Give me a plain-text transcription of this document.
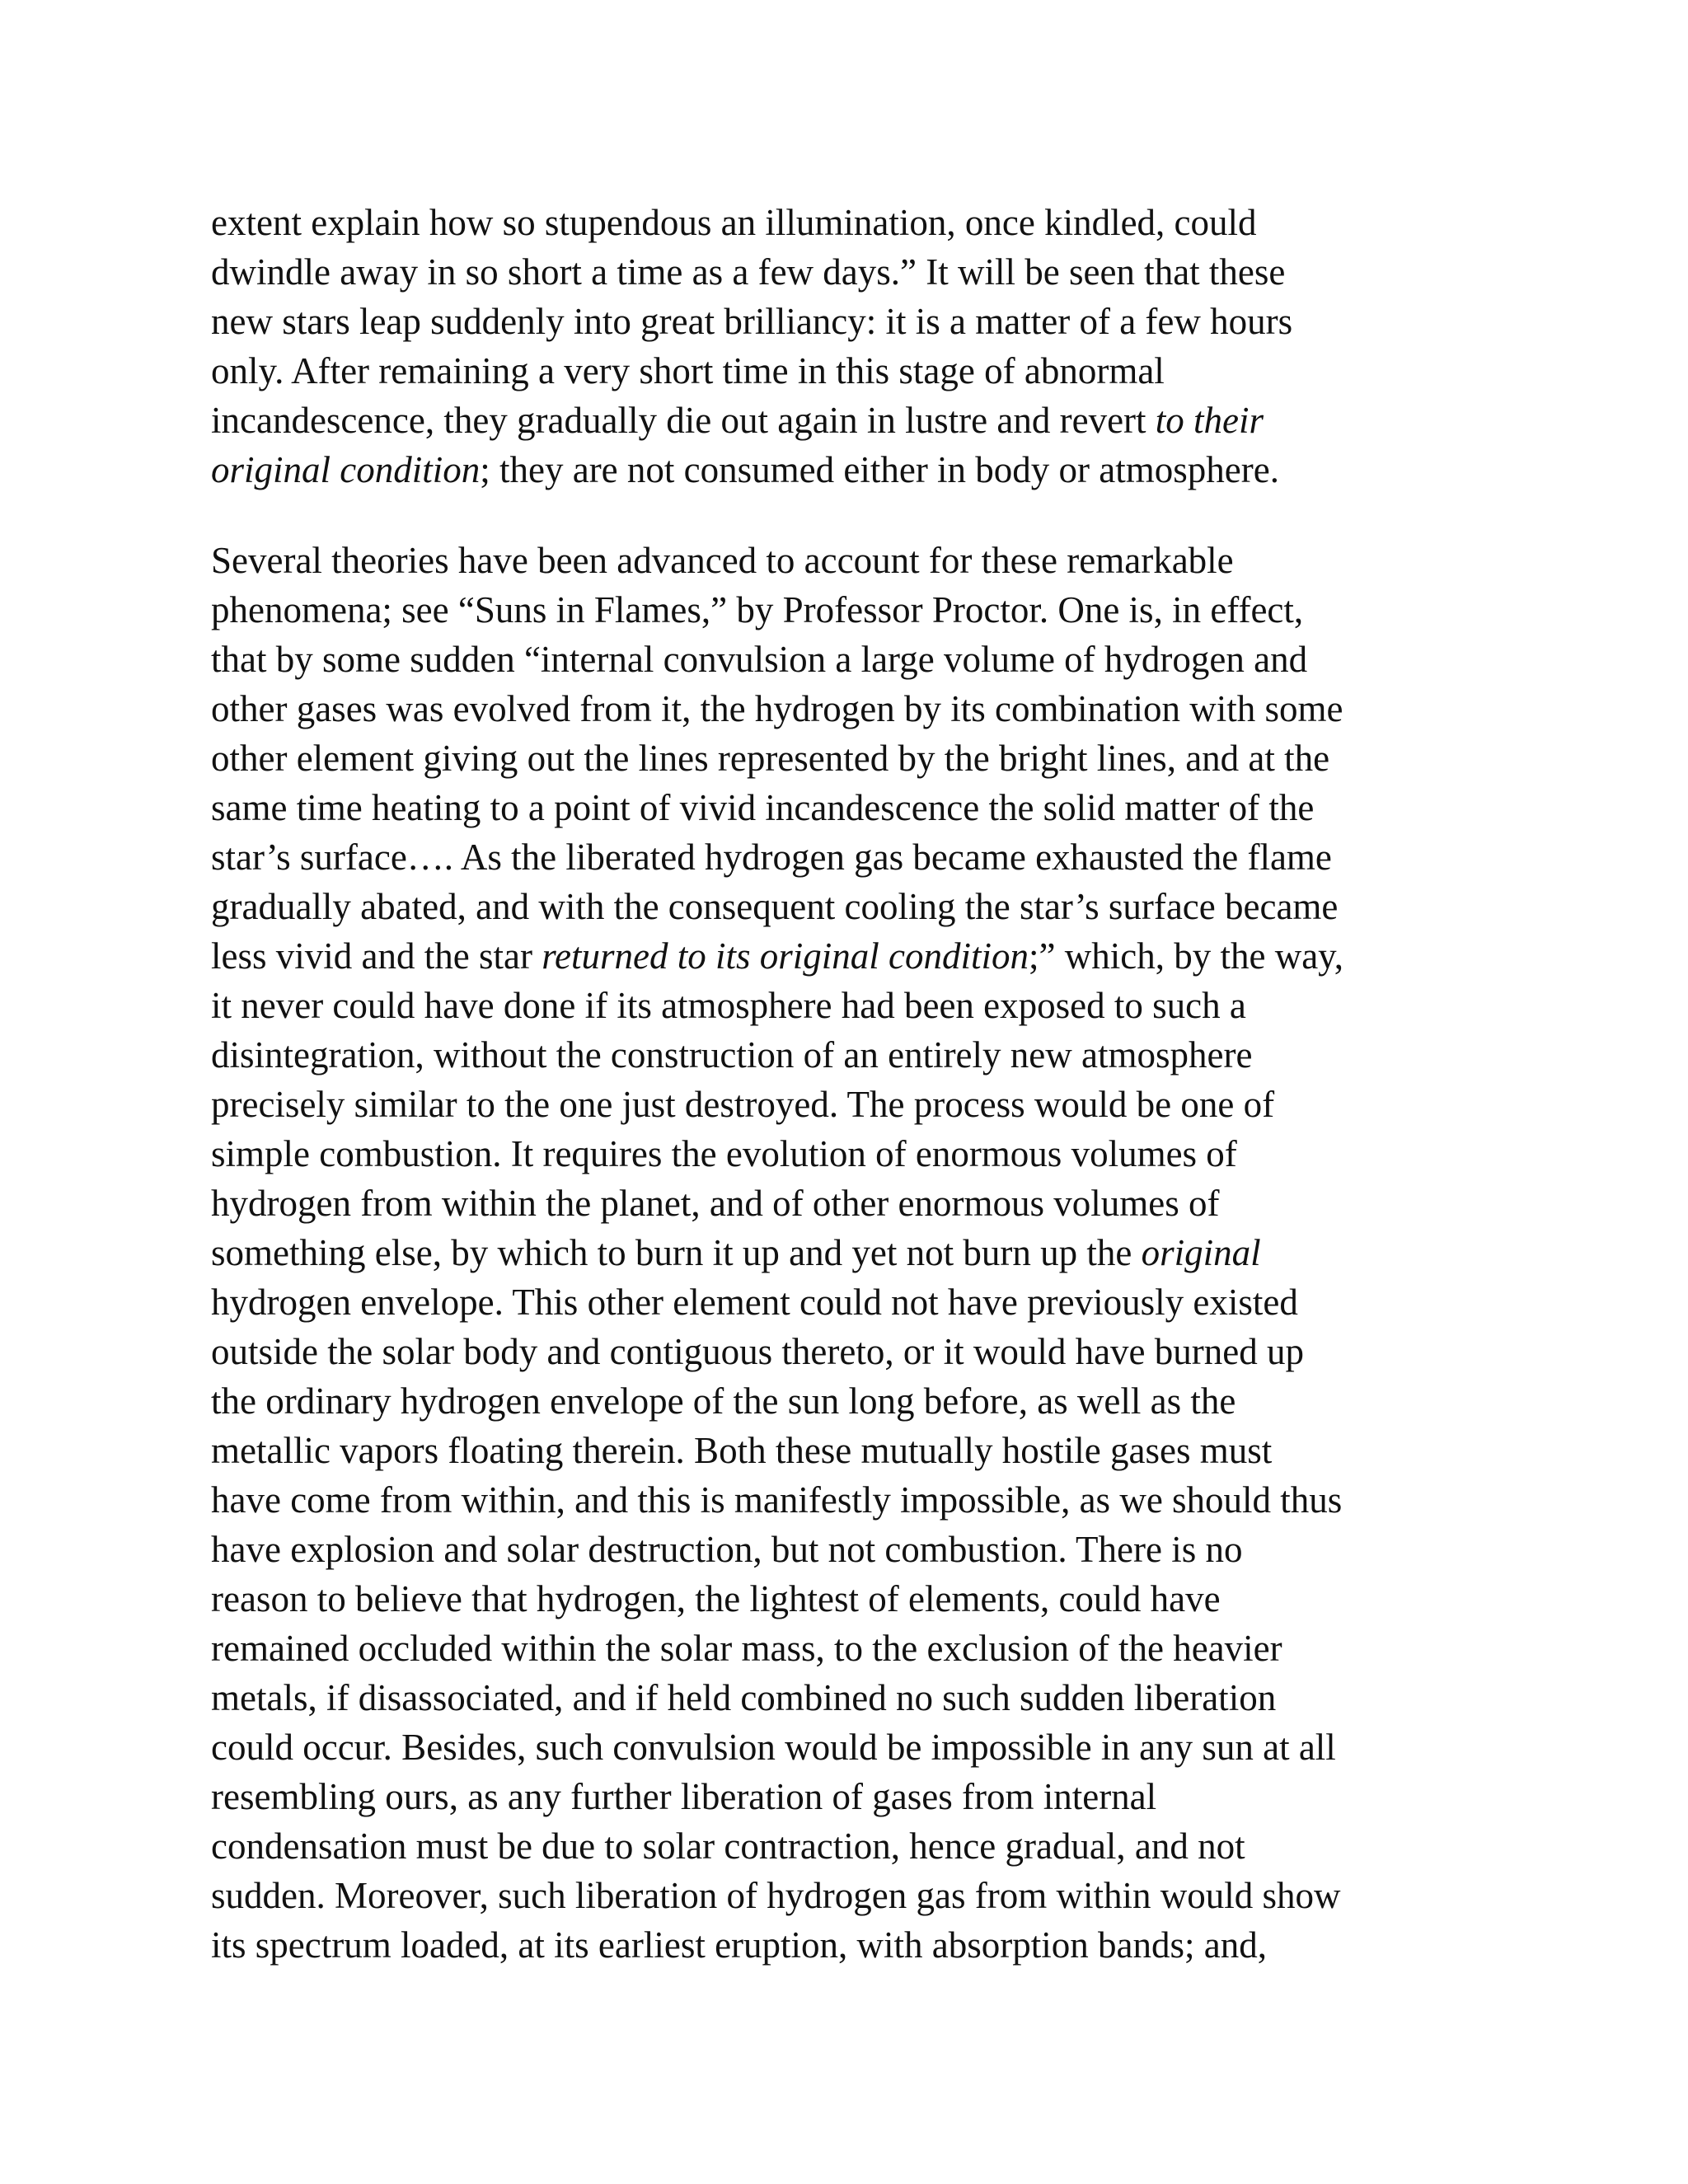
extent explain how so stupendous an illumination, once kindled, could
dwindle away in so short a time as a few days.” It will be seen that these
new stars leap suddenly into great brilliancy: it is a matter of a few hours
only. After remaining a very short time in this stage of abnormal
incandescence, they gradually die out again in lustre and revert to their
original condition; they are not consumed either in body or atmosphere.
Several theories have been advanced to account for these remarkable
phenomena; see “Suns in Flames,” by Professor Proctor. One is, in effect,
that by some sudden “internal convulsion a large volume of hydrogen and
other gases was evolved from it, the hydrogen by its combination with some
other element giving out the lines represented by the bright lines, and at the
same time heating to a point of vivid incandescence the solid matter of the
star’s surface…. As the liberated hydrogen gas became exhausted the flame
gradually abated, and with the consequent cooling the star’s surface became
less vivid and the star returned to its original condition;” which, by the way,
it never could have done if its atmosphere had been exposed to such a
disintegration, without the construction of an entirely new atmosphere
precisely similar to the one just destroyed. The process would be one of
simple combustion. It requires the evolution of enormous volumes of
hydrogen from within the planet, and of other enormous volumes of
something else, by which to burn it up and yet not burn up the original
hydrogen envelope. This other element could not have previously existed
outside the solar body and contiguous thereto, or it would have burned up
the ordinary hydrogen envelope of the sun long before, as well as the
metallic vapors floating therein. Both these mutually hostile gases must
have come from within, and this is manifestly impossible, as we should thus
have explosion and solar destruction, but not combustion. There is no
reason to believe that hydrogen, the lightest of elements, could have
remained occluded within the solar mass, to the exclusion of the heavier
metals, if disassociated, and if held combined no such sudden liberation
could occur. Besides, such convulsion would be impossible in any sun at all
resembling ours, as any further liberation of gases from internal
condensation must be due to solar contraction, hence gradual, and not
sudden. Moreover, such liberation of hydrogen gas from within would show
its spectrum loaded, at its earliest eruption, with absorption bands; and,
